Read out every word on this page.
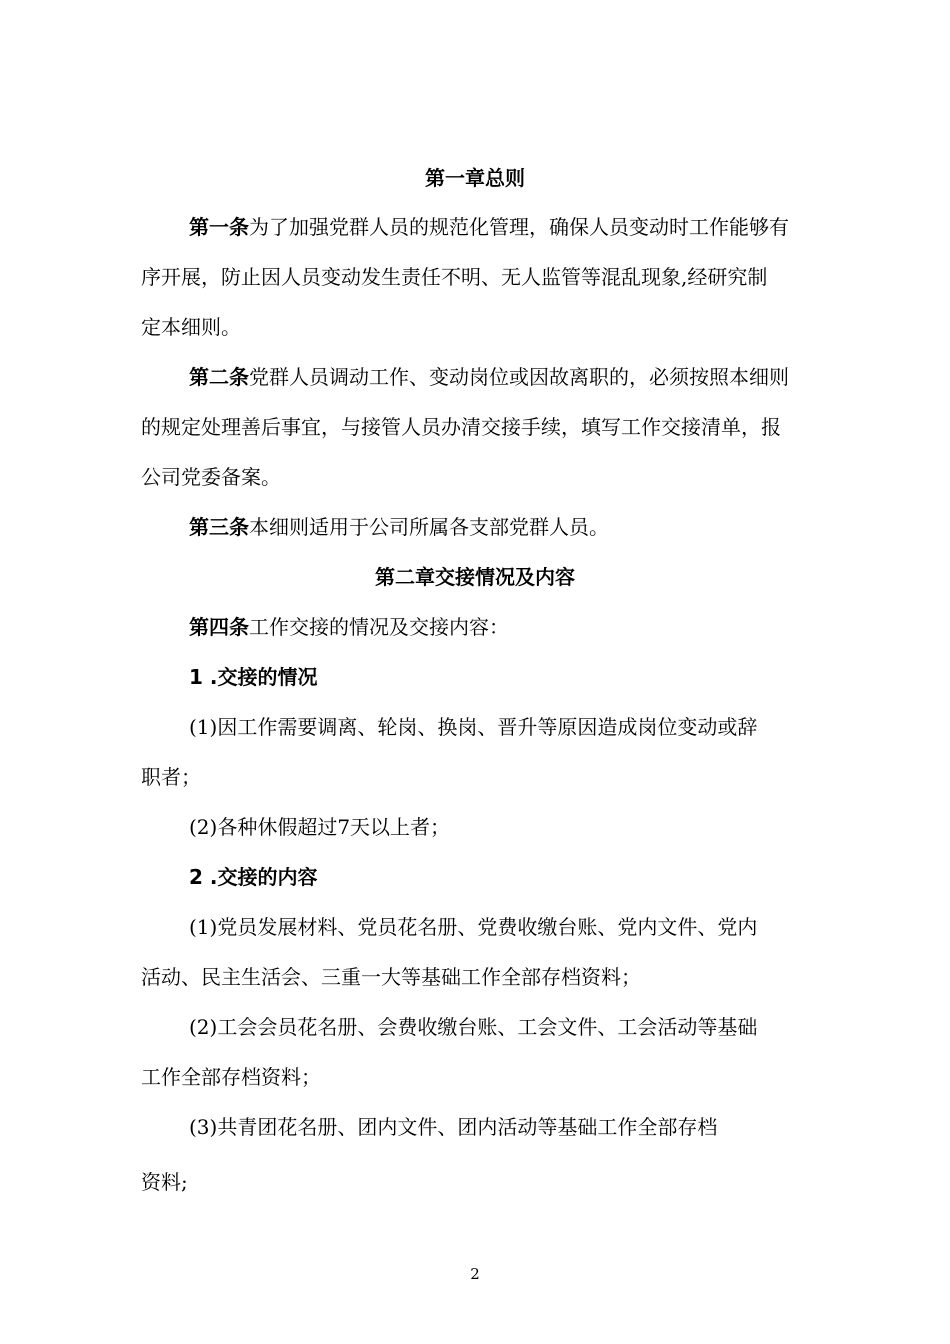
第一章总则
第一条为了加强党群人员的规范化管理，确保人员变动时工作能够有
序开展，防止因人员变动发生责任不明、无人监管等混乱现象,经研究制
定本细则。
第二条党群人员调动工作、变动岗位或因故离职的，必须按照本细则
的规定处理善后事宜，与接管人员办清交接手续，填写工作交接清单，报
公司党委备案。
第三条本细则适用于公司所属各支部党群人员。
第二章交接情况及内容
第四条工作交接的情况及交接内容：
1 .交接的情况
(1)因工作需要调离、轮岗、换岗、晋升等原因造成岗位变动或辞
职者；
(2)各种休假超过7天以上者；
2 .交接的内容
(1)党员发展材料、党员花名册、党费收缴台账、党内文件、党内
活动、民主生活会、三重一大等基础工作全部存档资料；
(2)工会会员花名册、会费收缴台账、工会文件、工会活动等基础
工作全部存档资料；
(3)共青团花名册、团内文件、团内活动等基础工作全部存档
资料;
2
